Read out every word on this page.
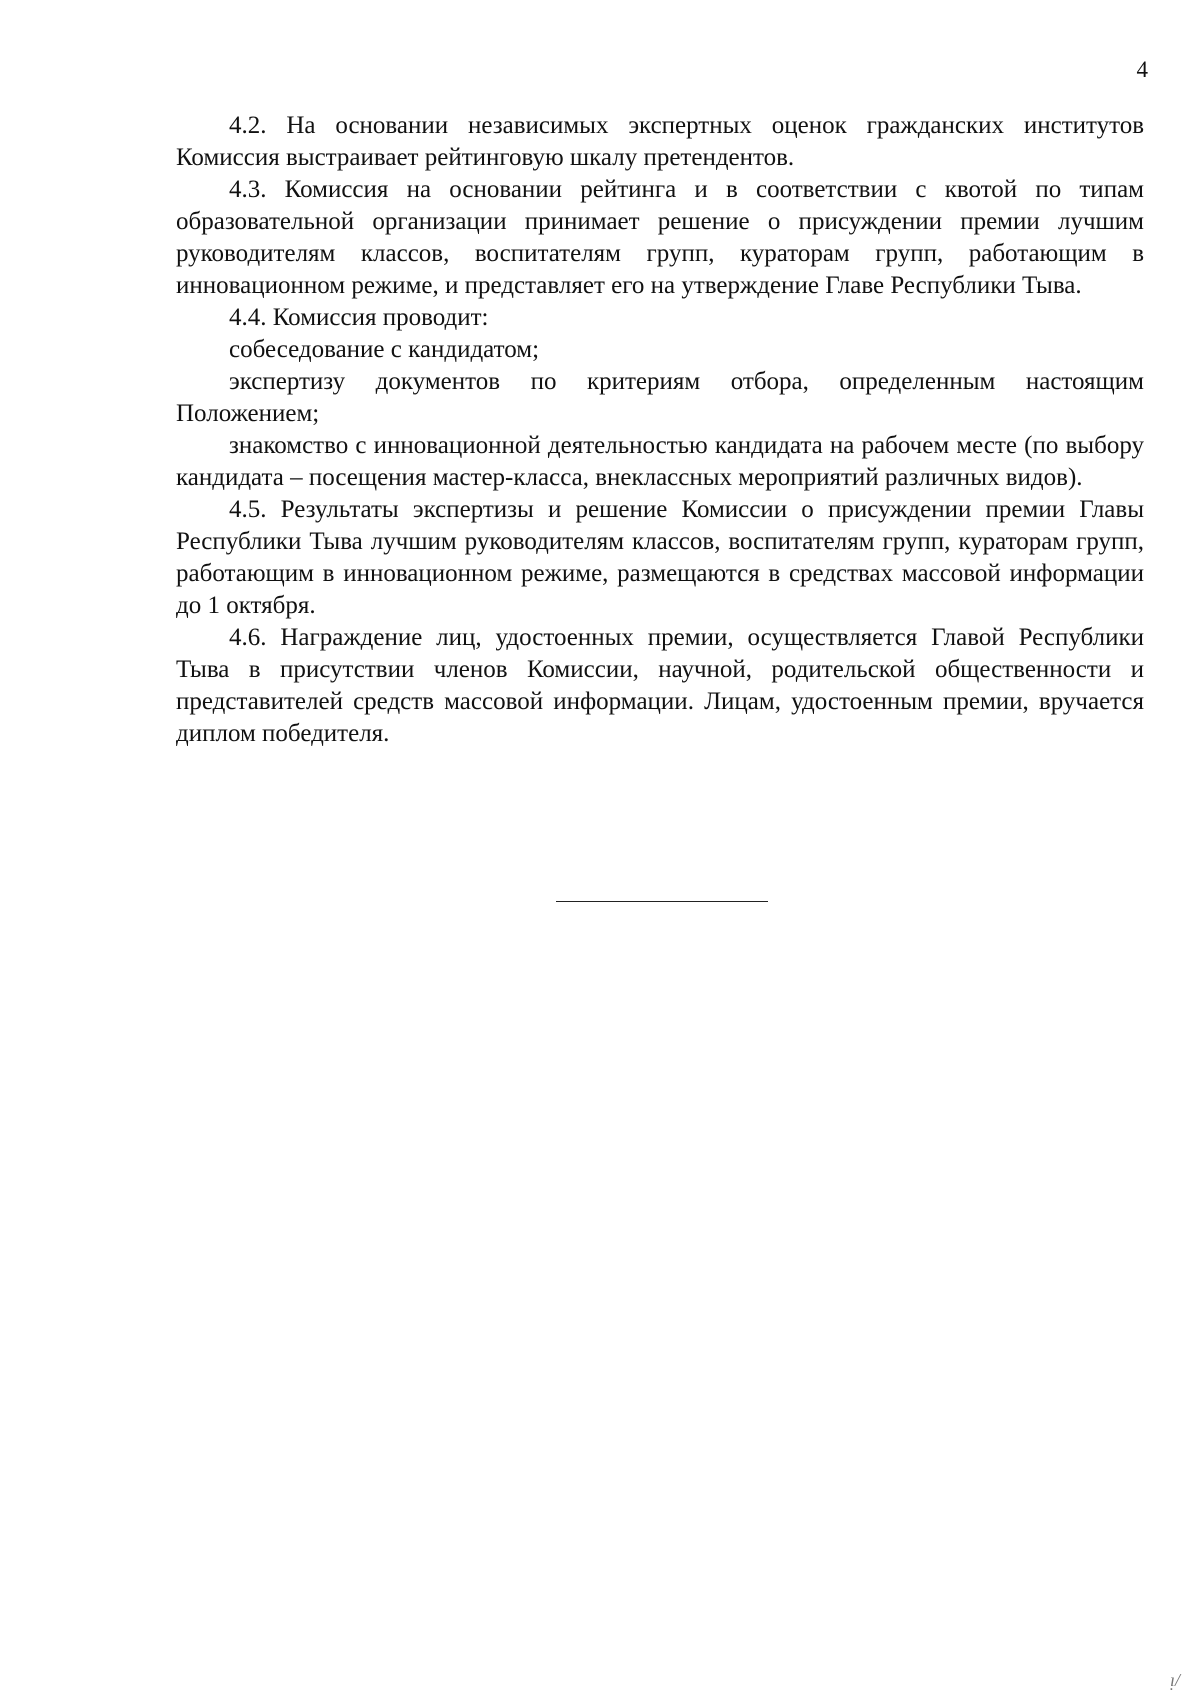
4

4.2. На основании независимых экспертных оценок гражданских институтов Комиссия выстраивает рейтинговую шкалу претендентов.

4.3. Комиссия на основании рейтинга и в соответствии с квотой по типам образовательной организации принимает решение о присуждении премии лучшим руководителям классов, воспитателям групп, кураторам групп, работающим в инновационном режиме, и представляет его на утверждение Главе Республики Тыва.

4.4. Комиссия проводит:

собеседование с кандидатом;

экспертизу документов по критериям отбора, определенным настоящим Положением;

знакомство с инновационной деятельностью кандидата на рабочем месте (по выбору кандидата – посещения мастер-класса, внеклассных мероприятий различных видов).

4.5. Результаты экспертизы и решение Комиссии о присуждении премии Главы Республики Тыва лучшим руководителям классов, воспитателям групп, кураторам групп, работающим в инновационном режиме, размещаются в средствах массовой информации до 1 октября.

4.6. Награждение лиц, удостоенных премии, осуществляется Главой Республики Тыва в присутствии членов Комиссии, научной, родительской общественности и представителей средств массовой информации. Лицам, удостоенным премии, вручается диплом победителя.

ᴉ/
